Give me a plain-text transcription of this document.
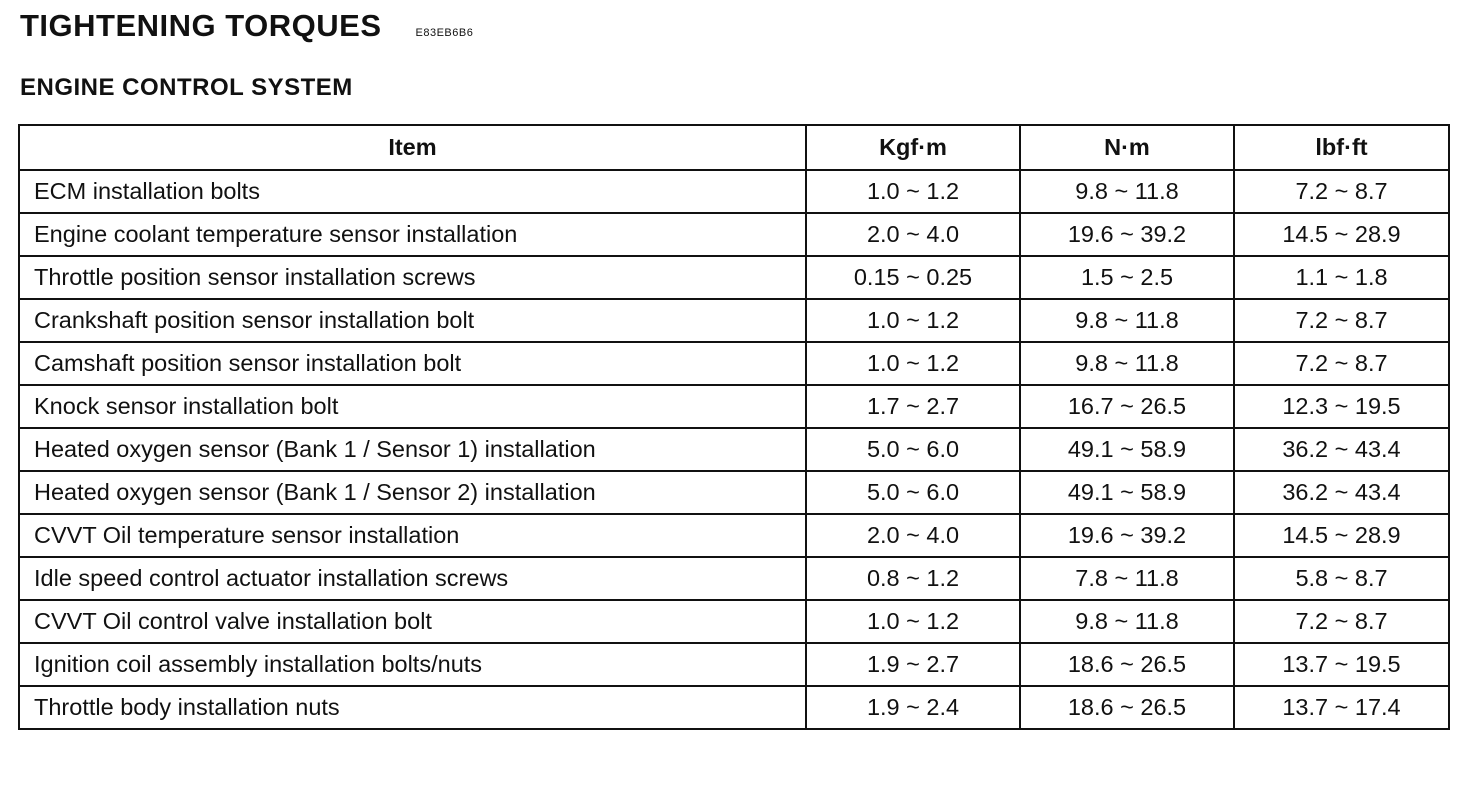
TIGHTENING TORQUES	E83EB6B6
ENGINE CONTROL SYSTEM
Item	Kgf·m	N·m	lbf·ft
ECM installation bolts	1.0 ~ 1.2	9.8 ~ 11.8	7.2 ~ 8.7
Engine coolant temperature sensor installation	2.0 ~ 4.0	19.6 ~ 39.2	14.5 ~ 28.9
Throttle position sensor installation screws	0.15 ~ 0.25	1.5 ~ 2.5	1.1 ~ 1.8
Crankshaft position sensor installation bolt	1.0 ~ 1.2	9.8 ~ 11.8	7.2 ~ 8.7
Camshaft position sensor installation bolt	1.0 ~ 1.2	9.8 ~ 11.8	7.2 ~ 8.7
Knock sensor installation bolt	1.7 ~ 2.7	16.7 ~ 26.5	12.3 ~ 19.5
Heated oxygen sensor (Bank 1 / Sensor 1) installation	5.0 ~ 6.0	49.1 ~ 58.9	36.2 ~ 43.4
Heated oxygen sensor (Bank 1 / Sensor 2) installation	5.0 ~ 6.0	49.1 ~ 58.9	36.2 ~ 43.4
CVVT Oil temperature sensor installation	2.0 ~ 4.0	19.6 ~ 39.2	14.5 ~ 28.9
Idle speed control actuator installation screws	0.8 ~ 1.2	7.8 ~ 11.8	5.8 ~ 8.7
CVVT Oil control valve installation bolt	1.0 ~ 1.2	9.8 ~ 11.8	7.2 ~ 8.7
Ignition coil assembly installation bolts/nuts	1.9 ~ 2.7	18.6 ~ 26.5	13.7 ~ 19.5
Throttle body installation nuts	1.9 ~ 2.4	18.6 ~ 26.5	13.7 ~ 17.4
